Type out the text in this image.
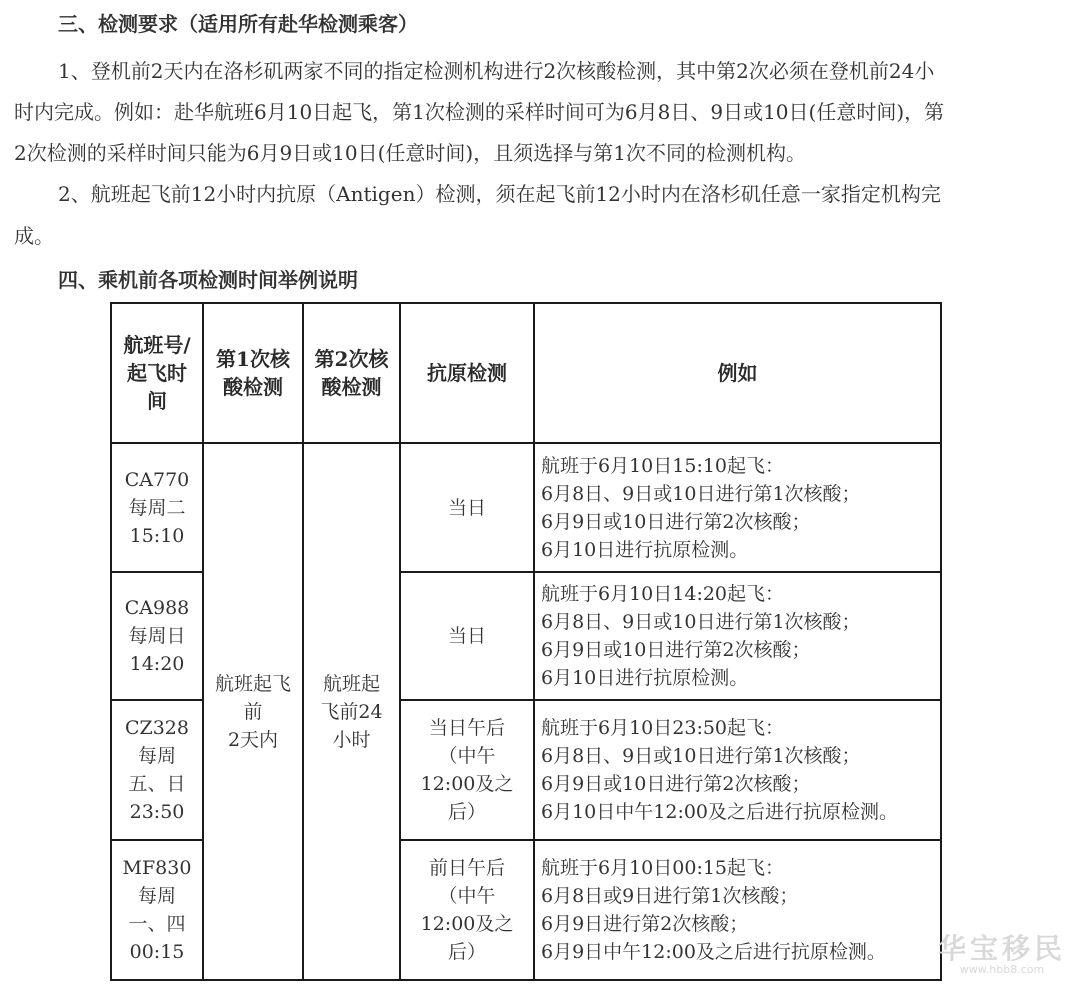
三、检测要求（适用所有赴华检测乘客）
1、登机前2天内在洛杉矶两家不同的指定检测机构进行2次核酸检测，其中第2次必须在登机前24小
时内完成。例如：赴华航班6月10日起飞，第1次检测的采样时间可为6月8日、9日或10日(任意时间)，第
2次检测的采样时间只能为6月9日或10日(任意时间)，且须选择与第1次不同的检测机构。
2、航班起飞前12小时内抗原（Antigen）检测，须在起飞前12小时内在洛杉矶任意一家指定机构完
成。
四、乘机前各项检测时间举例说明
航班号/
起飞时
间	第1次核
酸检测	第2次核
酸检测	抗原检测	例如

CA770
每周二
15:10	航班起飞
前
2天内	航班起
飞前24
小时	当日	航班于6月10日15:10起飞：
6月8日、9日或10日进行第1次核酸；
6月9日或10日进行第2次核酸；
6月10日进行抗原检测。

CA988
每周日
14:20			当日	航班于6月10日14:20起飞：
6月8日、9日或10日进行第1次核酸；
6月9日或10日进行第2次核酸；
6月10日进行抗原检测。

CZ328
每周
五、日
23:50			当日午后
（中午
12:00及之
后）	航班于6月10日23:50起飞：
6月8日、9日或10日进行第1次核酸；
6月9日或10日进行第2次核酸；
6月10日中午12:00及之后进行抗原检测。

MF830
每周
一、四
00:15			前日午后
（中午
12:00及之
后）	航班于6月10日00:15起飞：
6月8日或9日进行第1次核酸；
6月9日进行第2次核酸；
6月9日中午12:00及之后进行抗原检测。	华宝移民
www.hbb8.com
